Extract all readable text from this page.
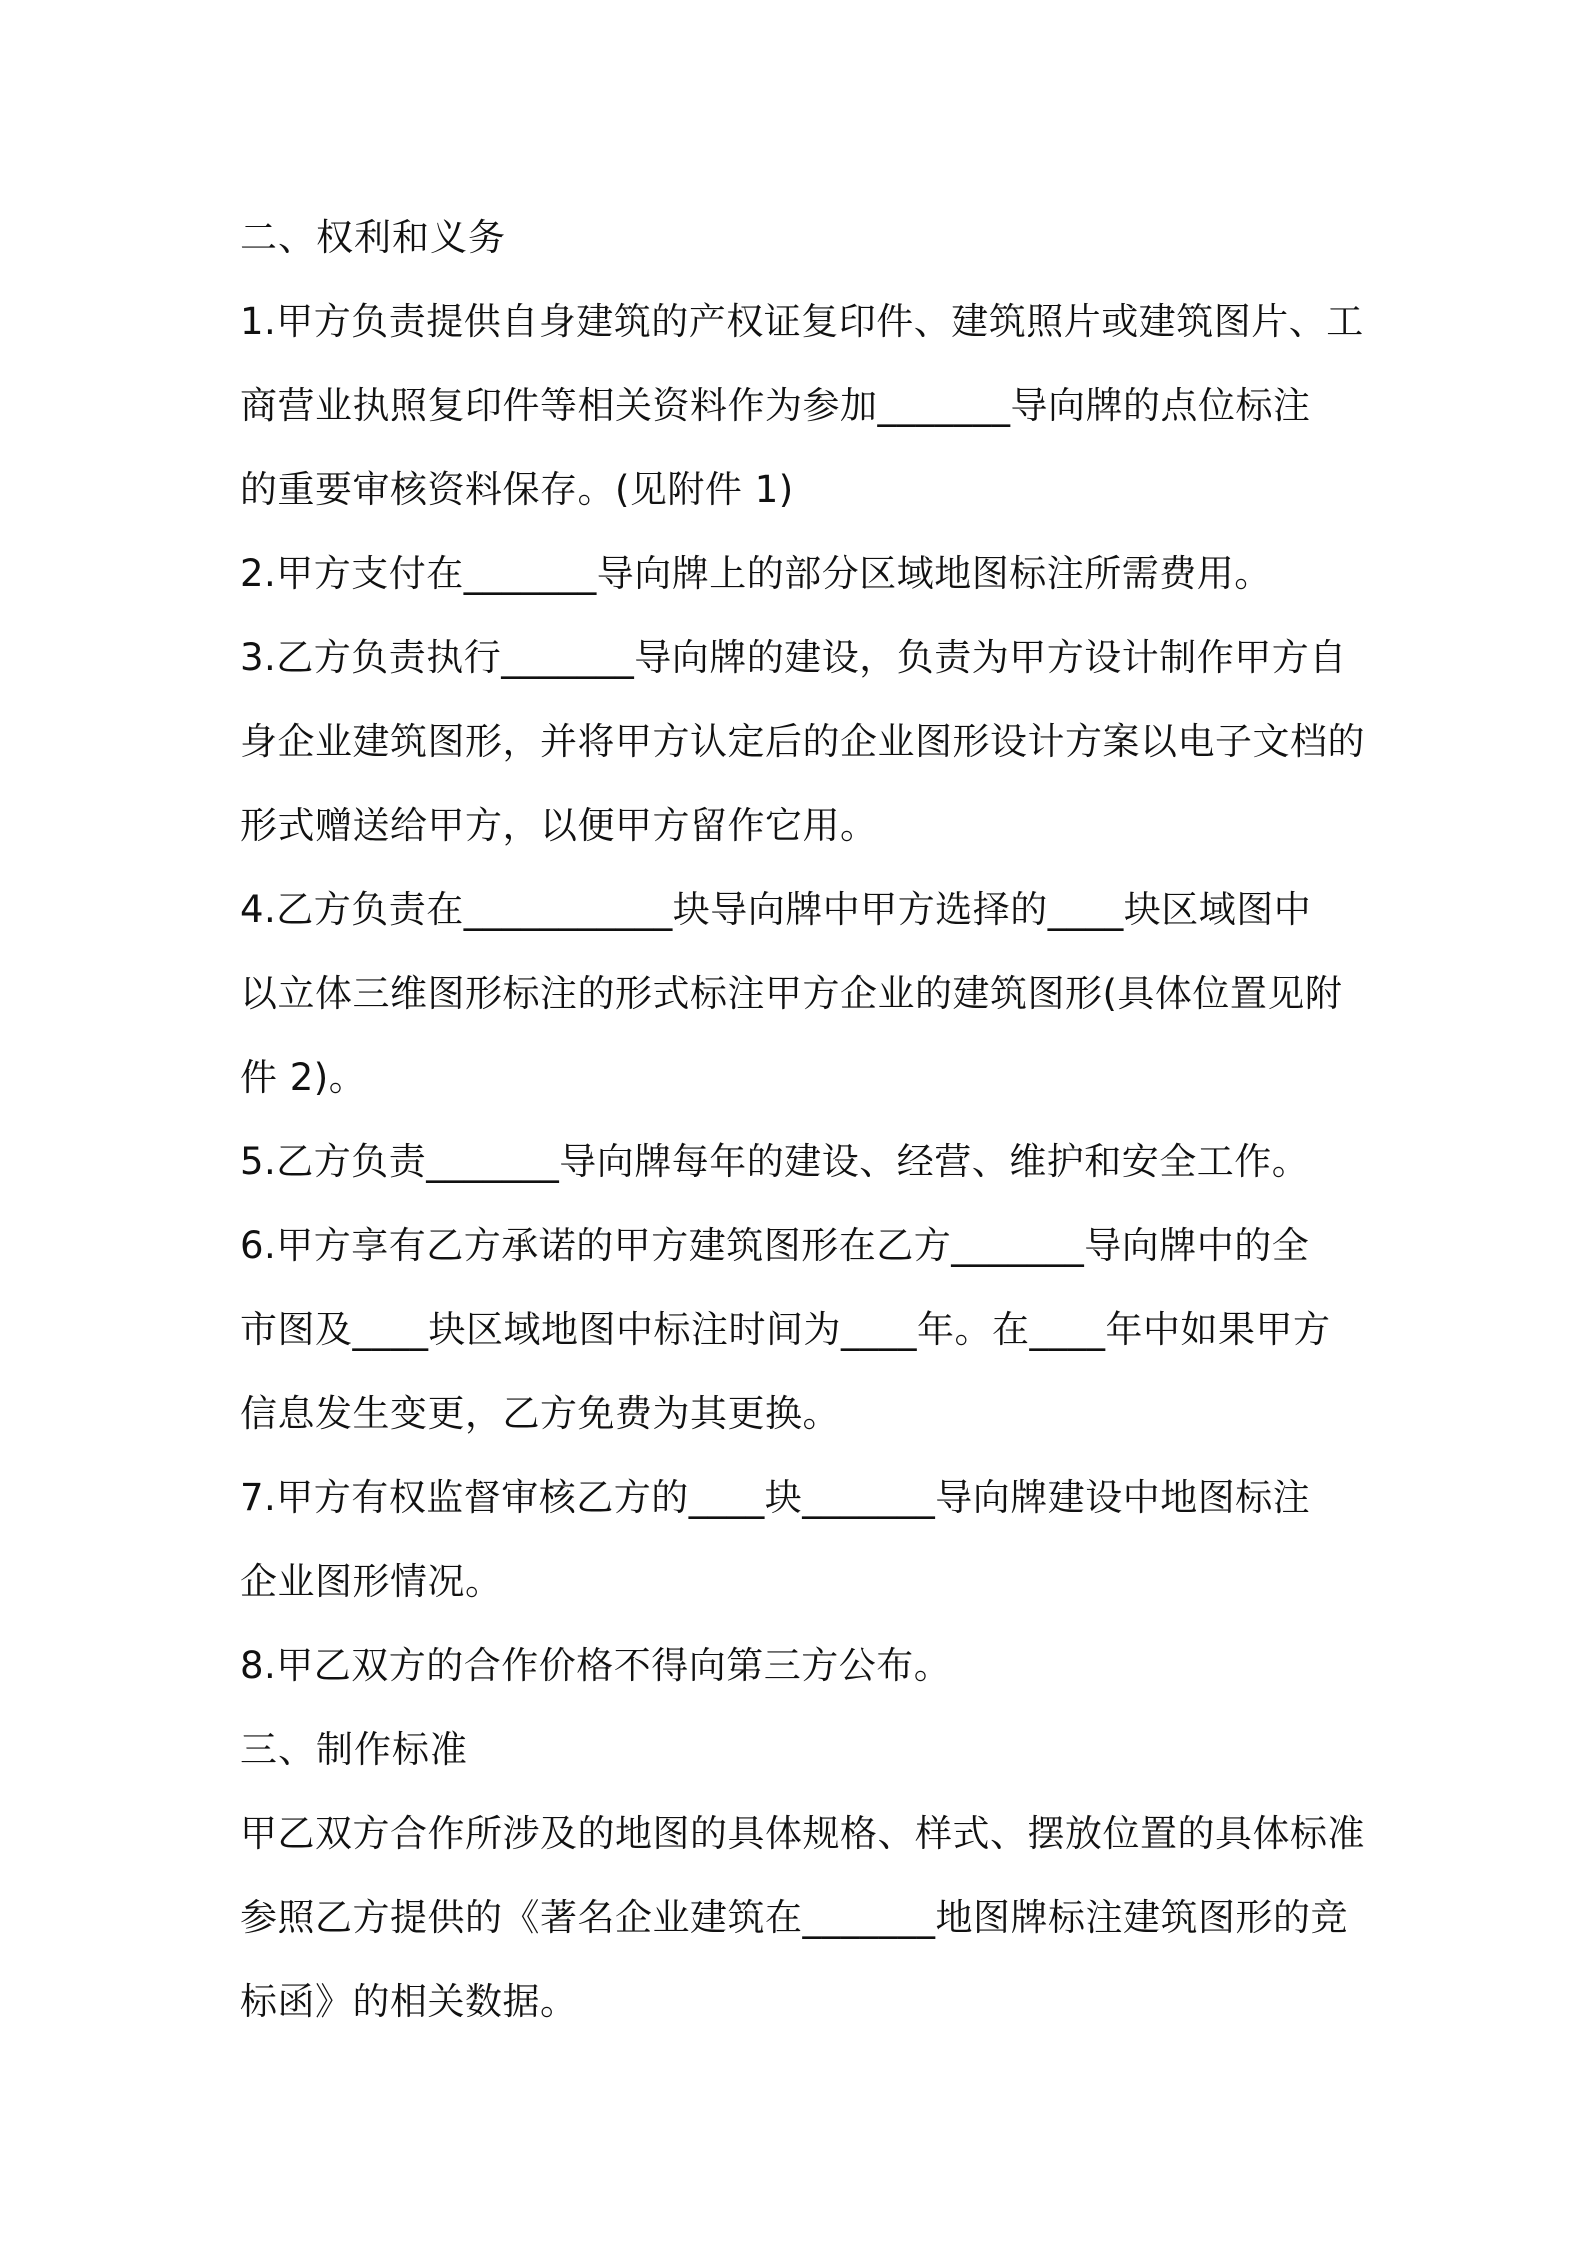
二、权利和义务
1.甲方负责提供自身建筑的产权证复印件、建筑照片或建筑图片、工
商营业执照复印件等相关资料作为参加_______导向牌的点位标注
的重要审核资料保存。(见附件 1)
2.甲方支付在_______导向牌上的部分区域地图标注所需费用。
3.乙方负责执行_______导向牌的建设，负责为甲方设计制作甲方自
身企业建筑图形，并将甲方认定后的企业图形设计方案以电子文档的
形式赠送给甲方，以便甲方留作它用。
4.乙方负责在___________块导向牌中甲方选择的____块区域图中
以立体三维图形标注的形式标注甲方企业的建筑图形(具体位置见附
件 2)。
5.乙方负责_______导向牌每年的建设、经营、维护和安全工作。
6.甲方享有乙方承诺的甲方建筑图形在乙方_______导向牌中的全
市图及____块区域地图中标注时间为____年。在____年中如果甲方
信息发生变更，乙方免费为其更换。
7.甲方有权监督审核乙方的____块_______导向牌建设中地图标注
企业图形情况。
8.甲乙双方的合作价格不得向第三方公布。
三、制作标准
甲乙双方合作所涉及的地图的具体规格、样式、摆放位置的具体标准
参照乙方提供的《著名企业建筑在_______地图牌标注建筑图形的竞
标函》的相关数据。
